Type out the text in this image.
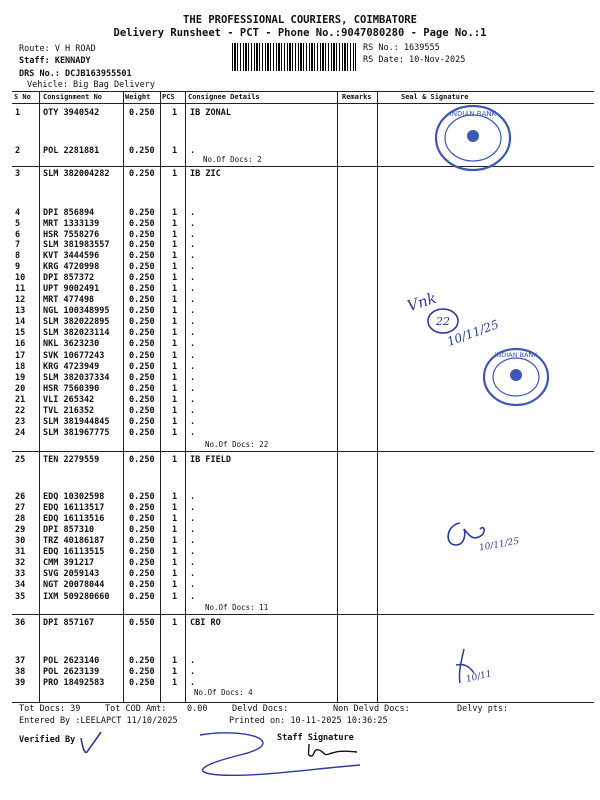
THE PROFESSIONAL COURIERS, COIMBATORE
Delivery Runsheet - PCT - Phone No.:9047080280 - Page No.:1
Route: V H ROAD
Staff: KENNADY
DRS No.: DCJB163955501
Vehicle: Big Bag Delivery
RS No.: 1639555
RS Date: 10-Nov-2025
S No Consignment No	Weight PCS Consignee Details	Remarks	Seal & Signature
1	OTY 3940542	0.250 1 IB ZONAL
2	POL 2281881	0.250 1 .
3	SLM 382004282 0.250 1 IB ZIC
4	DPI 856894	0.250 1 .
5	MRT 1333139	0.250 1 .
6	HSR 7558276	0.250 1 .
7	SLM 381983557 0.250 1 .
8	KVT 3444596	0.250 1 .
9	KRG 4720998	0.250 1 .
10 DPI 857372	0.250 1 .
11 UPT 9002491	0.250 1 .
12 MRT 477498	0.250 1 .
13 NGL 100348995 0.250 1 .
14 SLM 382022895 0.250 1 .
15 SLM 382023114 0.250 1 .
16 NKL 3623230	0.250 1 .
17 SVK 10677243	0.250 1 .
18 KRG 4723949	0.250 1 .
19 SLM 382037334 0.250 1 .
20 HSR 7560390	0.250 1 .
21 VLI 265342	0.250 1 .
22 TVL 216352	0.250 1 .
23 SLM 381944845 0.250 1 .
24 SLM 381967775 0.250 1 .
25 TEN 2279559	0.250 1 IB FIELD
26 EDQ 10302598	0.250 1 .
27 EDQ 16113517	0.250 1 .
28 EDQ 16113516	0.250 1 .
29 DPI 857310	0.250 1 .
30 TRZ 40186187	0.250 1 .
31 EDQ 16113515	0.250 1 .
32 CMM 391217	0.250 1 .
33 SVG 2059143	0.250 1 .
34 NGT 20078044	0.250 1 .
35 IXM 509280660 0.250 1 .
36 DPI 857167	0.550 1 CBI RO
37 POL 2623140	0.250 1 .
38 POL 2623139	0.250 1 .
39 PRO 18492583	0.250 1 .
No.Of Docs: 2
No.Of Docs: 22
No.Of Docs: 11
No.Of Docs: 4
Tot Docs: 39	Tot COD Amt: 0.00	Delvd Docs:	Non Delvd Docs:	Delvy pts:
Entered By :LEELAPCT 11/10/2025	Printed on: 10-11-2025 10:36:25
Verified By	Staff Signature
INDIAN BANK
INDIAN BANK
Vnk
22
10/11/25
10/11/25
10/11
